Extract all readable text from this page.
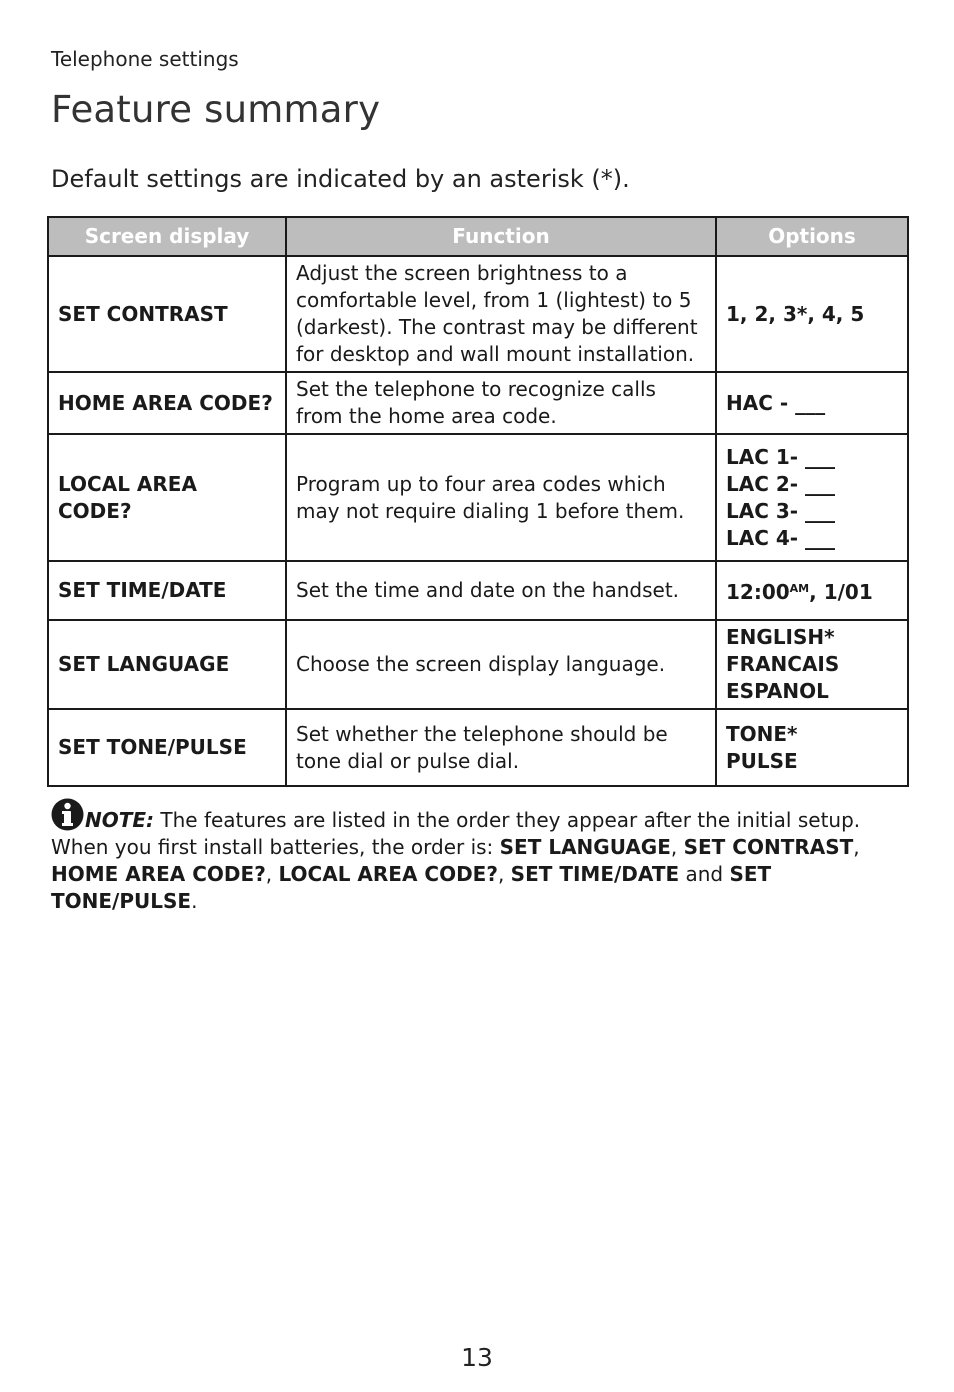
Telephone settings
Feature summary
Default settings are indicated by an asterisk (*).
Screen display	Function	Options
SET CONTRAST	Adjust the screen brightness to a
comfortable level, from 1 (lightest) to 5
(darkest). The contrast may be different
for desktop and wall mount installation.	1, 2, 3*, 4, 5

HOME AREA CODE?	Set the telephone to recognize calls
from the home area code.	HAC - ___

LOCAL AREA CODE?	Program up to four area codes which
may not require dialing 1 before them.	LAC 1- ___
LAC 2- ___
LAC 3- ___
LAC 4- ___

SET TIME/DATE	Set the time and date on the handset.	$12:00^{AM}$, 1/01
SET LANGUAGE	Choose the screen display language.	ENGLISH*
FRANCAIS
ESPANOL

SET TONE/PULSE	Set whether the telephone should be
tone dial or pulse dial.	TONE*
PULSE
NOTE: The features are listed in the order they appear after the initial setup. When you first install batteries, the order is: SET LANGUAGE, SET CONTRAST, HOME AREA CODE?, LOCAL AREA CODE?, SET TIME/DATE and SET TONE/PULSE.
13
